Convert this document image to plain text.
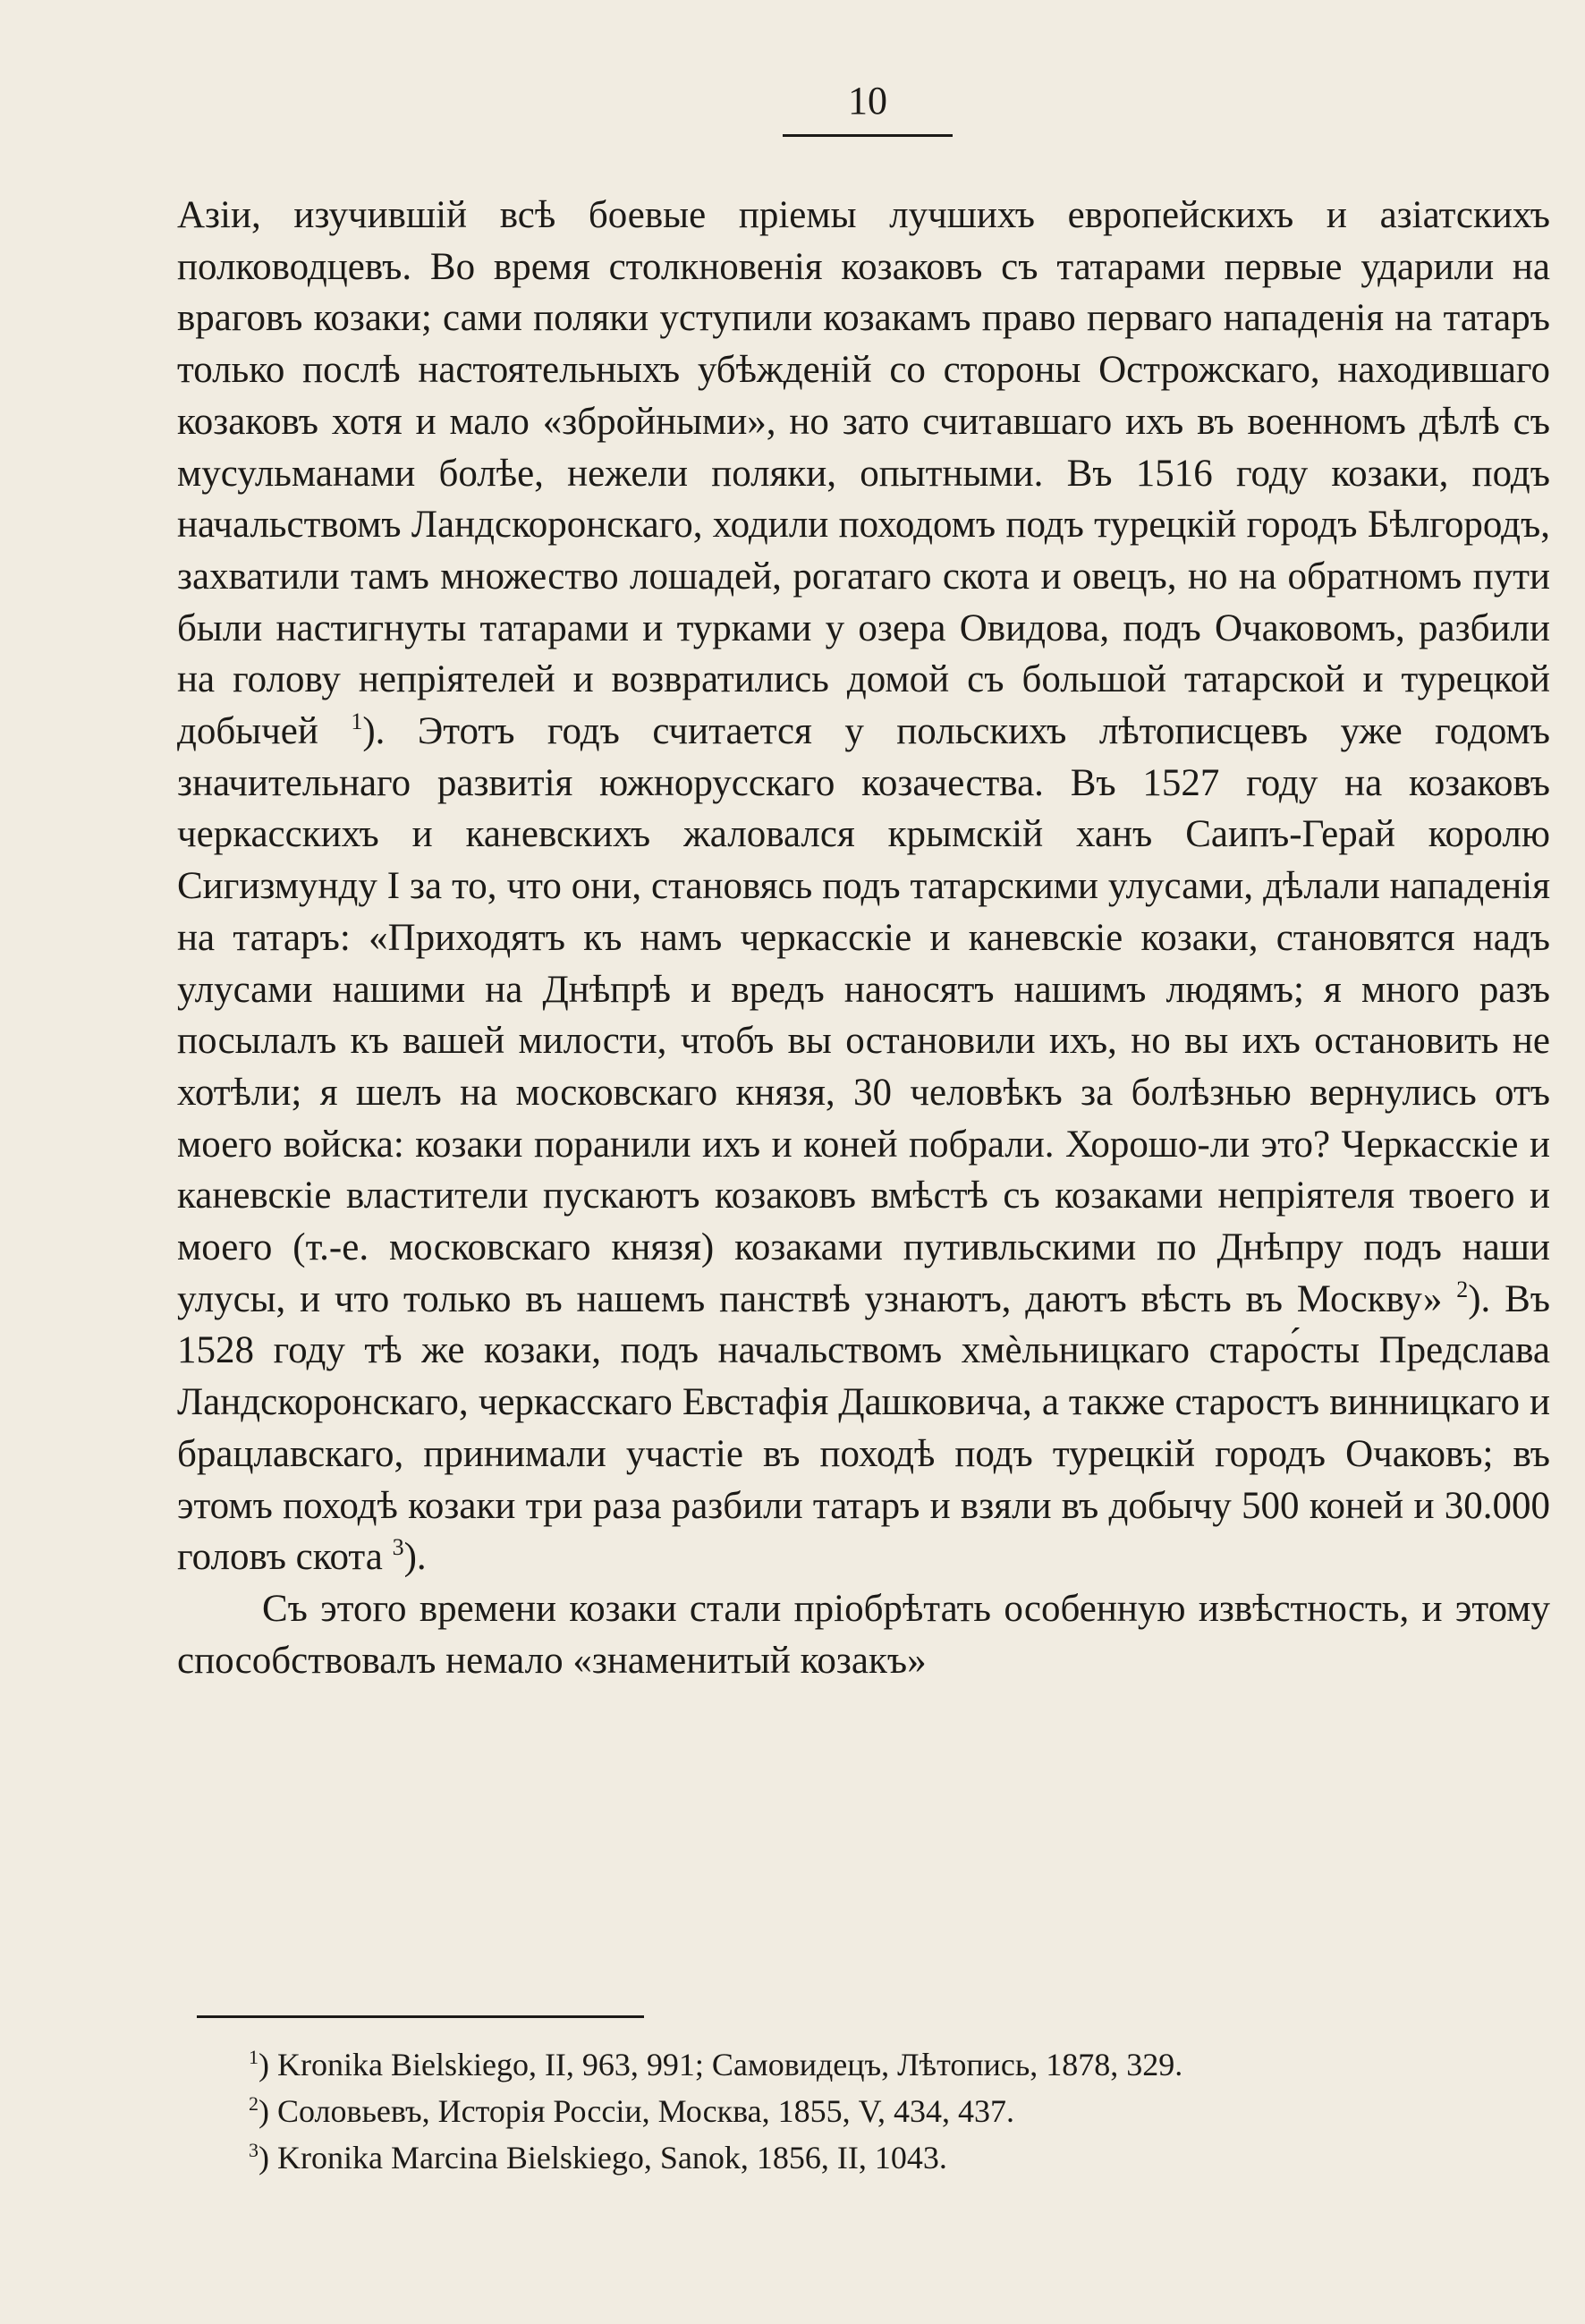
10

Азіи, изучившій всѣ боевые пріемы лучшихъ европейскихъ и азіатскихъ полководцевъ. Во время столкновенія козаковъ съ татарами первые ударили на враговъ козаки; сами поляки уступили козакамъ право перваго нападенія на татаръ только послѣ настоятельныхъ убѣжденій со стороны Острожскаго, находившаго козаковъ хотя и мало «збройными», но зато считавшаго ихъ въ военномъ дѣлѣ съ мусульманами болѣе, нежели поляки, опытными. Въ 1516 году козаки, подъ начальствомъ Ландскоронскаго, ходили походомъ подъ турецкій городъ Бѣлгородъ, захватили тамъ множество лошадей, рогатаго скота и овецъ, но на обратномъ пути были настигнуты татарами и турками у озера Овидова, подъ Очаковомъ, разбили на голову непріятелей и возвратились домой съ большой татарской и турецкой добычей $^1$). Этотъ годъ считается у польскихъ лѣтописцевъ уже годомъ значительнаго развитія южнорусскаго козачества. Въ 1527 году на козаковъ черкасскихъ и каневскихъ жаловался крымскій ханъ Саипъ-Герай королю Сигизмунду I за то, что они, становясь подъ татарскими улусами, дѣлали нападенія на татаръ: «Приходятъ къ намъ черкасскіе и каневскіе козаки, становятся надъ улусами нашими на Днѣпрѣ и вредъ наносятъ нашимъ людямъ; я много разъ посылалъ къ вашей милости, чтобъ вы остановили ихъ, но вы ихъ остановить не хотѣли; я шелъ на московскаго князя, 30 человѣкъ за болѣзнью вернулись отъ моего войска: козаки поранили ихъ и коней побрали. Хорошо-ли это? Черкасскіе и каневскіе властители пускаютъ козаковъ вмѣстѣ съ козаками непріятеля твоего и моего (т.-е. московскаго князя) козаками путивльскими по Днѣпру подъ наши улусы, и что только въ нашемъ панствѣ узнаютъ, даютъ вѣсть въ Москву» $^2$). Въ 1528 году тѣ же козаки, подъ начальствомъ хмѐльницкаго старо́сты Предслава Ландскоронскаго, черкасскаго Евстафія Дашковича, а также старостъ винницкаго и брацлавскаго, принимали участіе въ походѣ подъ турецкій городъ Очаковъ; въ этомъ походѣ козаки три раза разбили татаръ и взяли въ добычу 500 коней и 30.000 головъ скота $^3$).

Съ этого времени козаки стали пріобрѣтать особенную извѣстность, и этому способствовалъ немало «знаменитый козакъ»

$^1$) Kronika Bielskiego, II, 963, 991; Самовидецъ, Лѣтопись, 1878, 329.
$^2$) Соловьевъ, Исторія Россіи, Москва, 1855, V, 434, 437.
$^3$) Kronika Marcina Bielskiego, Sanok, 1856, II, 1043.
